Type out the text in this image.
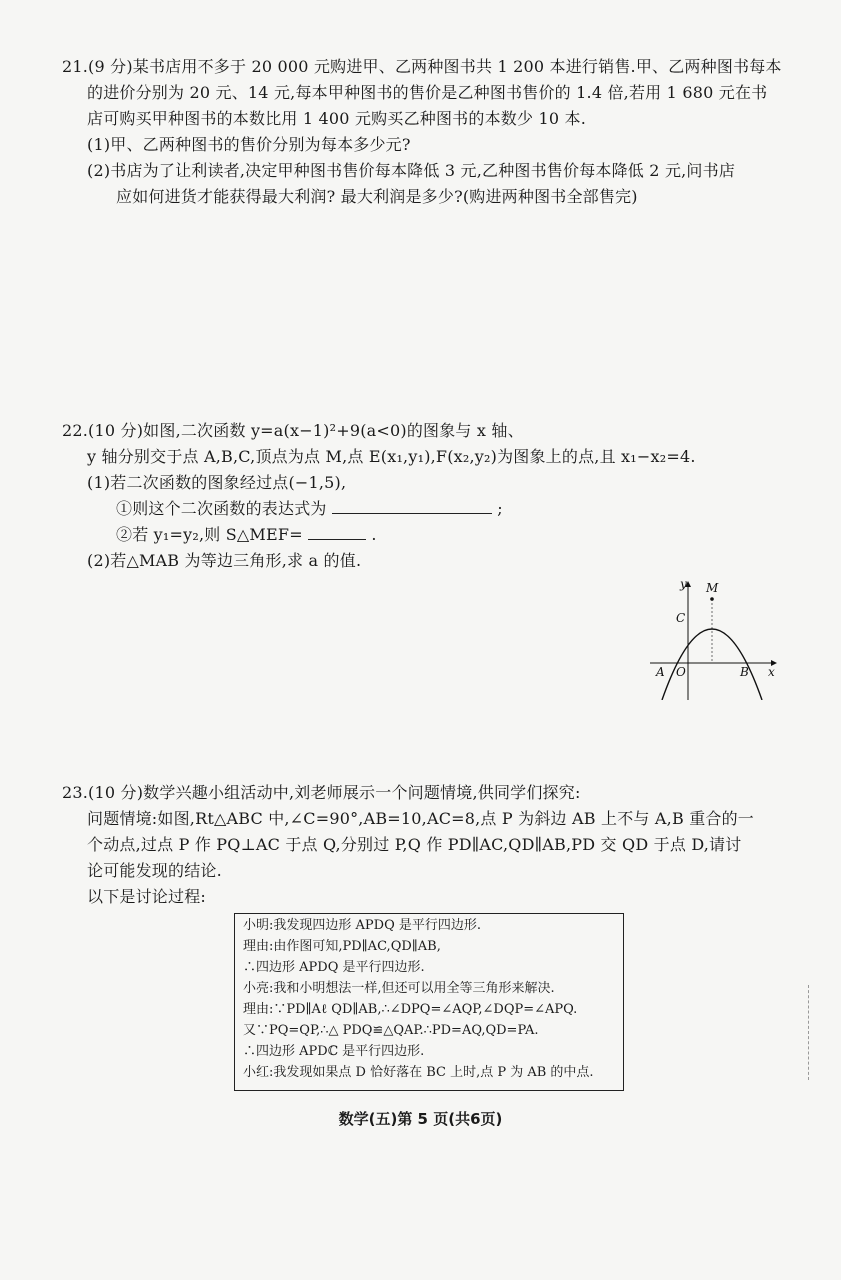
21.(9 分)某书店用不多于 20 000 元购进甲、乙两种图书共 1 200 本进行销售.甲、乙两种图书每本
的进价分别为 20 元、14 元,每本甲种图书的售价是乙种图书售价的 1.4 倍,若用 1 680 元在书
店可购买甲种图书的本数比用 1 400 元购买乙种图书的本数少 10 本.
(1)甲、乙两种图书的售价分别为每本多少元?
(2)书店为了让利读者,决定甲种图书售价每本降低 3 元,乙种图书售价每本降低 2 元,问书店
应如何进货才能获得最大利润? 最大利润是多少?(购进两种图书全部售完)
22.(10 分)如图,二次函数 y=a(x−1)²+9(a<0)的图象与 x 轴、
y 轴分别交于点 A,B,C,顶点为点 M,点 E(x₁,y₁),F(x₂,y₂)为图象上的点,且 x₁−x₂=4.
(1)若二次函数的图象经过点(−1,5),
①则这个二次函数的表达式为	;
②若 y₁=y₂,则 S△MEF=	.
(2)若△MAB 为等边三角形,求 a 的值.
y M
C
A O	B x
23.(10 分)数学兴趣小组活动中,刘老师展示一个问题情境,供同学们探究:
问题情境:如图,Rt△ABC 中,∠C=90°,AB=10,AC=8,点 P 为斜边 AB 上不与 A,B 重合的一
个动点,过点 P 作 PQ⊥AC 于点 Q,分别过 P,Q 作 PD∥AC,QD∥AB,PD 交 QD 于点 D,请讨
论可能发现的结论.
以下是讨论过程:
小明:我发现四边形 APDQ 是平行四边形.
理由:由作图可知,PD∥AC,QD∥AB,
∴四边形 APDQ 是平行四边形.
小亮:我和小明想法一样,但还可以用全等三角形来解决.
理由:∵PD∥Aℓ QD∥AB,∴∠DPQ=∠AQP,∠DQP=∠APQ.
又∵PQ=QP,∴△ PDQ≌△QAP.∴PD=AQ,QD=PA.
∴四边形 APDℂ 是平行四边形.
小红:我发现如果点 D 恰好落在 BC 上时,点 P 为 AB 的中点.
数学(五)第 5 页(共6页)
